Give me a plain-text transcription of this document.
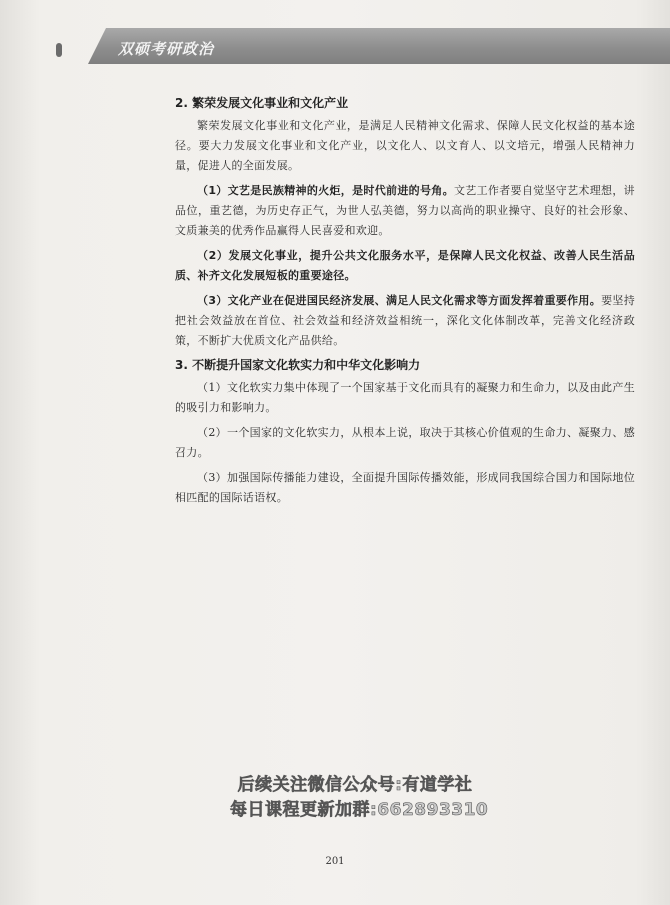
双硕考研政治
2. 繁荣发展文化事业和文化产业

繁荣发展文化事业和文化产业，是满足人民精神文化需求、保障人民文化权益的基本途径。要大力发展文化事业和文化产业，以文化人、以文育人、以文培元，增强人民精神力量，促进人的全面发展。

（1）文艺是民族精神的火炬，是时代前进的号角。文艺工作者要自觉坚守艺术理想，讲品位，重艺德，为历史存正气，为世人弘美德，努力以高尚的职业操守、良好的社会形象、文质兼美的优秀作品赢得人民喜爱和欢迎。

（2）发展文化事业，提升公共文化服务水平，是保障人民文化权益、改善人民生活品质、补齐文化发展短板的重要途径。

（3）文化产业在促进国民经济发展、满足人民文化需求等方面发挥着重要作用。要坚持把社会效益放在首位、社会效益和经济效益相统一，深化文化体制改革，完善文化经济政策，不断扩大优质文化产品供给。

3. 不断提升国家文化软实力和中华文化影响力

（1）文化软实力集中体现了一个国家基于文化而具有的凝聚力和生命力，以及由此产生的吸引力和影响力。

（2）一个国家的文化软实力，从根本上说，取决于其核心价值观的生命力、凝聚力、感召力。

（3）加强国际传播能力建设，全面提升国际传播效能，形成同我国综合国力和国际地位相匹配的国际话语权。

后续关注微信公众号:有道学社
每日课程更新加群:662893310
201
